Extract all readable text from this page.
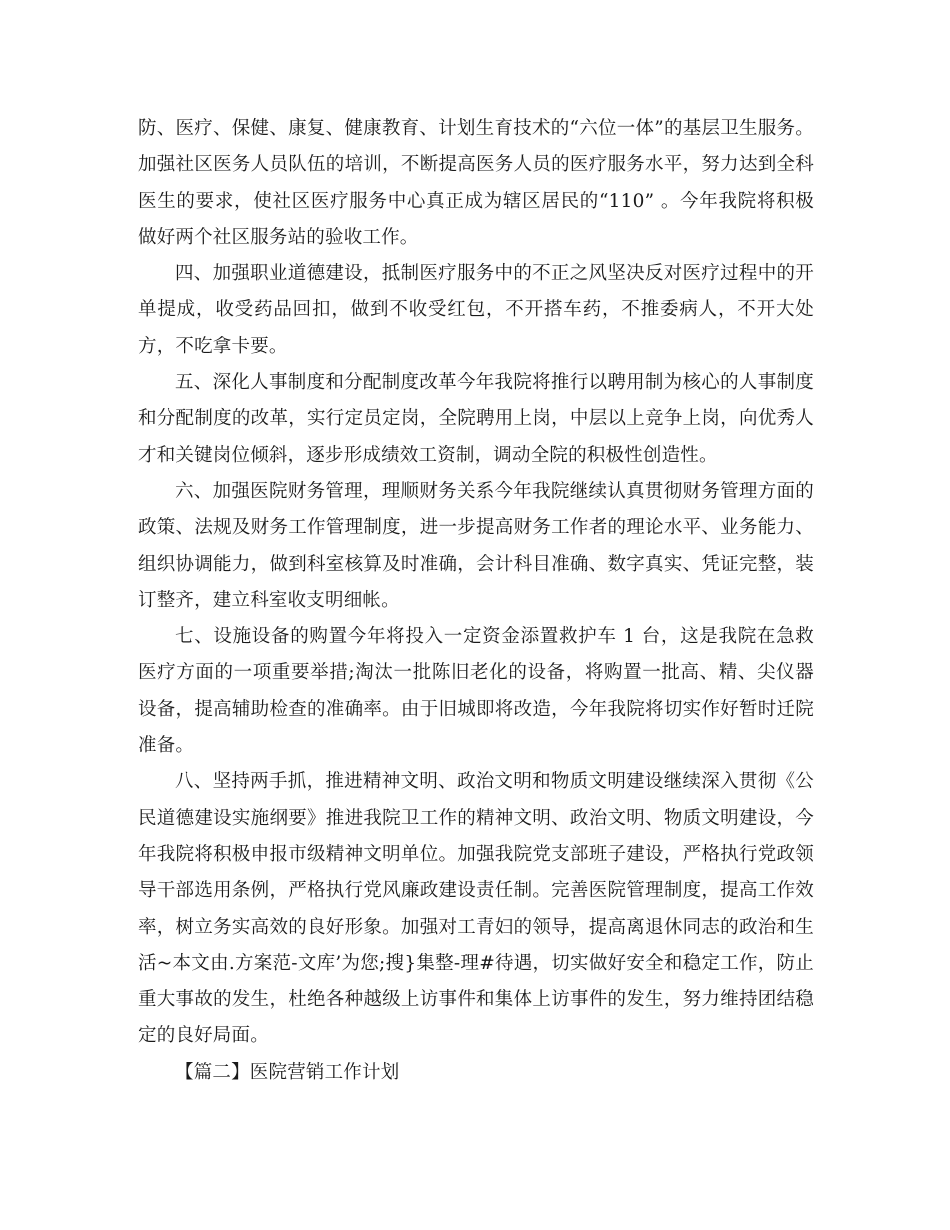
防、医疗、保健、康复、健康教育、计划生育技术的“六位一体”的基层卫生服务。加强社区医务人员队伍的培训，不断提高医务人员的医疗服务水平，努力达到全科医生的要求，使社区医疗服务中心真正成为辖区居民的“110” 。今年我院将积极做好两个社区服务站的验收工作。

四、加强职业道德建设，抵制医疗服务中的不正之风坚决反对医疗过程中的开单提成，收受药品回扣，做到不收受红包，不开搭车药，不推委病人，不开大处方，不吃拿卡要。

五、深化人事制度和分配制度改革今年我院将推行以聘用制为核心的人事制度和分配制度的改革，实行定员定岗，全院聘用上岗，中层以上竞争上岗，向优秀人才和关键岗位倾斜，逐步形成绩效工资制，调动全院的积极性创造性。

六、加强医院财务管理，理顺财务关系今年我院继续认真贯彻财务管理方面的政策、法规及财务工作管理制度，进一步提高财务工作者的理论水平、业务能力、组织协调能力，做到科室核算及时准确，会计科目准确、数字真实、凭证完整，装订整齐，建立科室收支明细帐。

七、设施设备的购置今年将投入一定资金添置救护车 1 台，这是我院在急救医疗方面的一项重要举措;淘汰一批陈旧老化的设备，将购置一批高、精、尖仪器设备，提高辅助检查的准确率。由于旧城即将改造，今年我院将切实作好暂时迁院准备。

八、坚持两手抓，推进精神文明、政治文明和物质文明建设继续深入贯彻《公民道德建设实施纲要》推进我院卫工作的精神文明、政治文明、物质文明建设，今年我院将积极申报市级精神文明单位。加强我院党支部班子建设，严格执行党政领导干部选用条例，严格执行党风廉政建设责任制。完善医院管理制度，提高工作效率，树立务实高效的良好形象。加强对工青妇的领导，提高离退休同志的政治和生活~本文由.方案范-文库’为您;搜}集整-理#待遇，切实做好安全和稳定工作，防止重大事故的发生，杜绝各种越级上访事件和集体上访事件的发生，努力维持团结稳定的良好局面。

【篇二】医院营销工作计划
